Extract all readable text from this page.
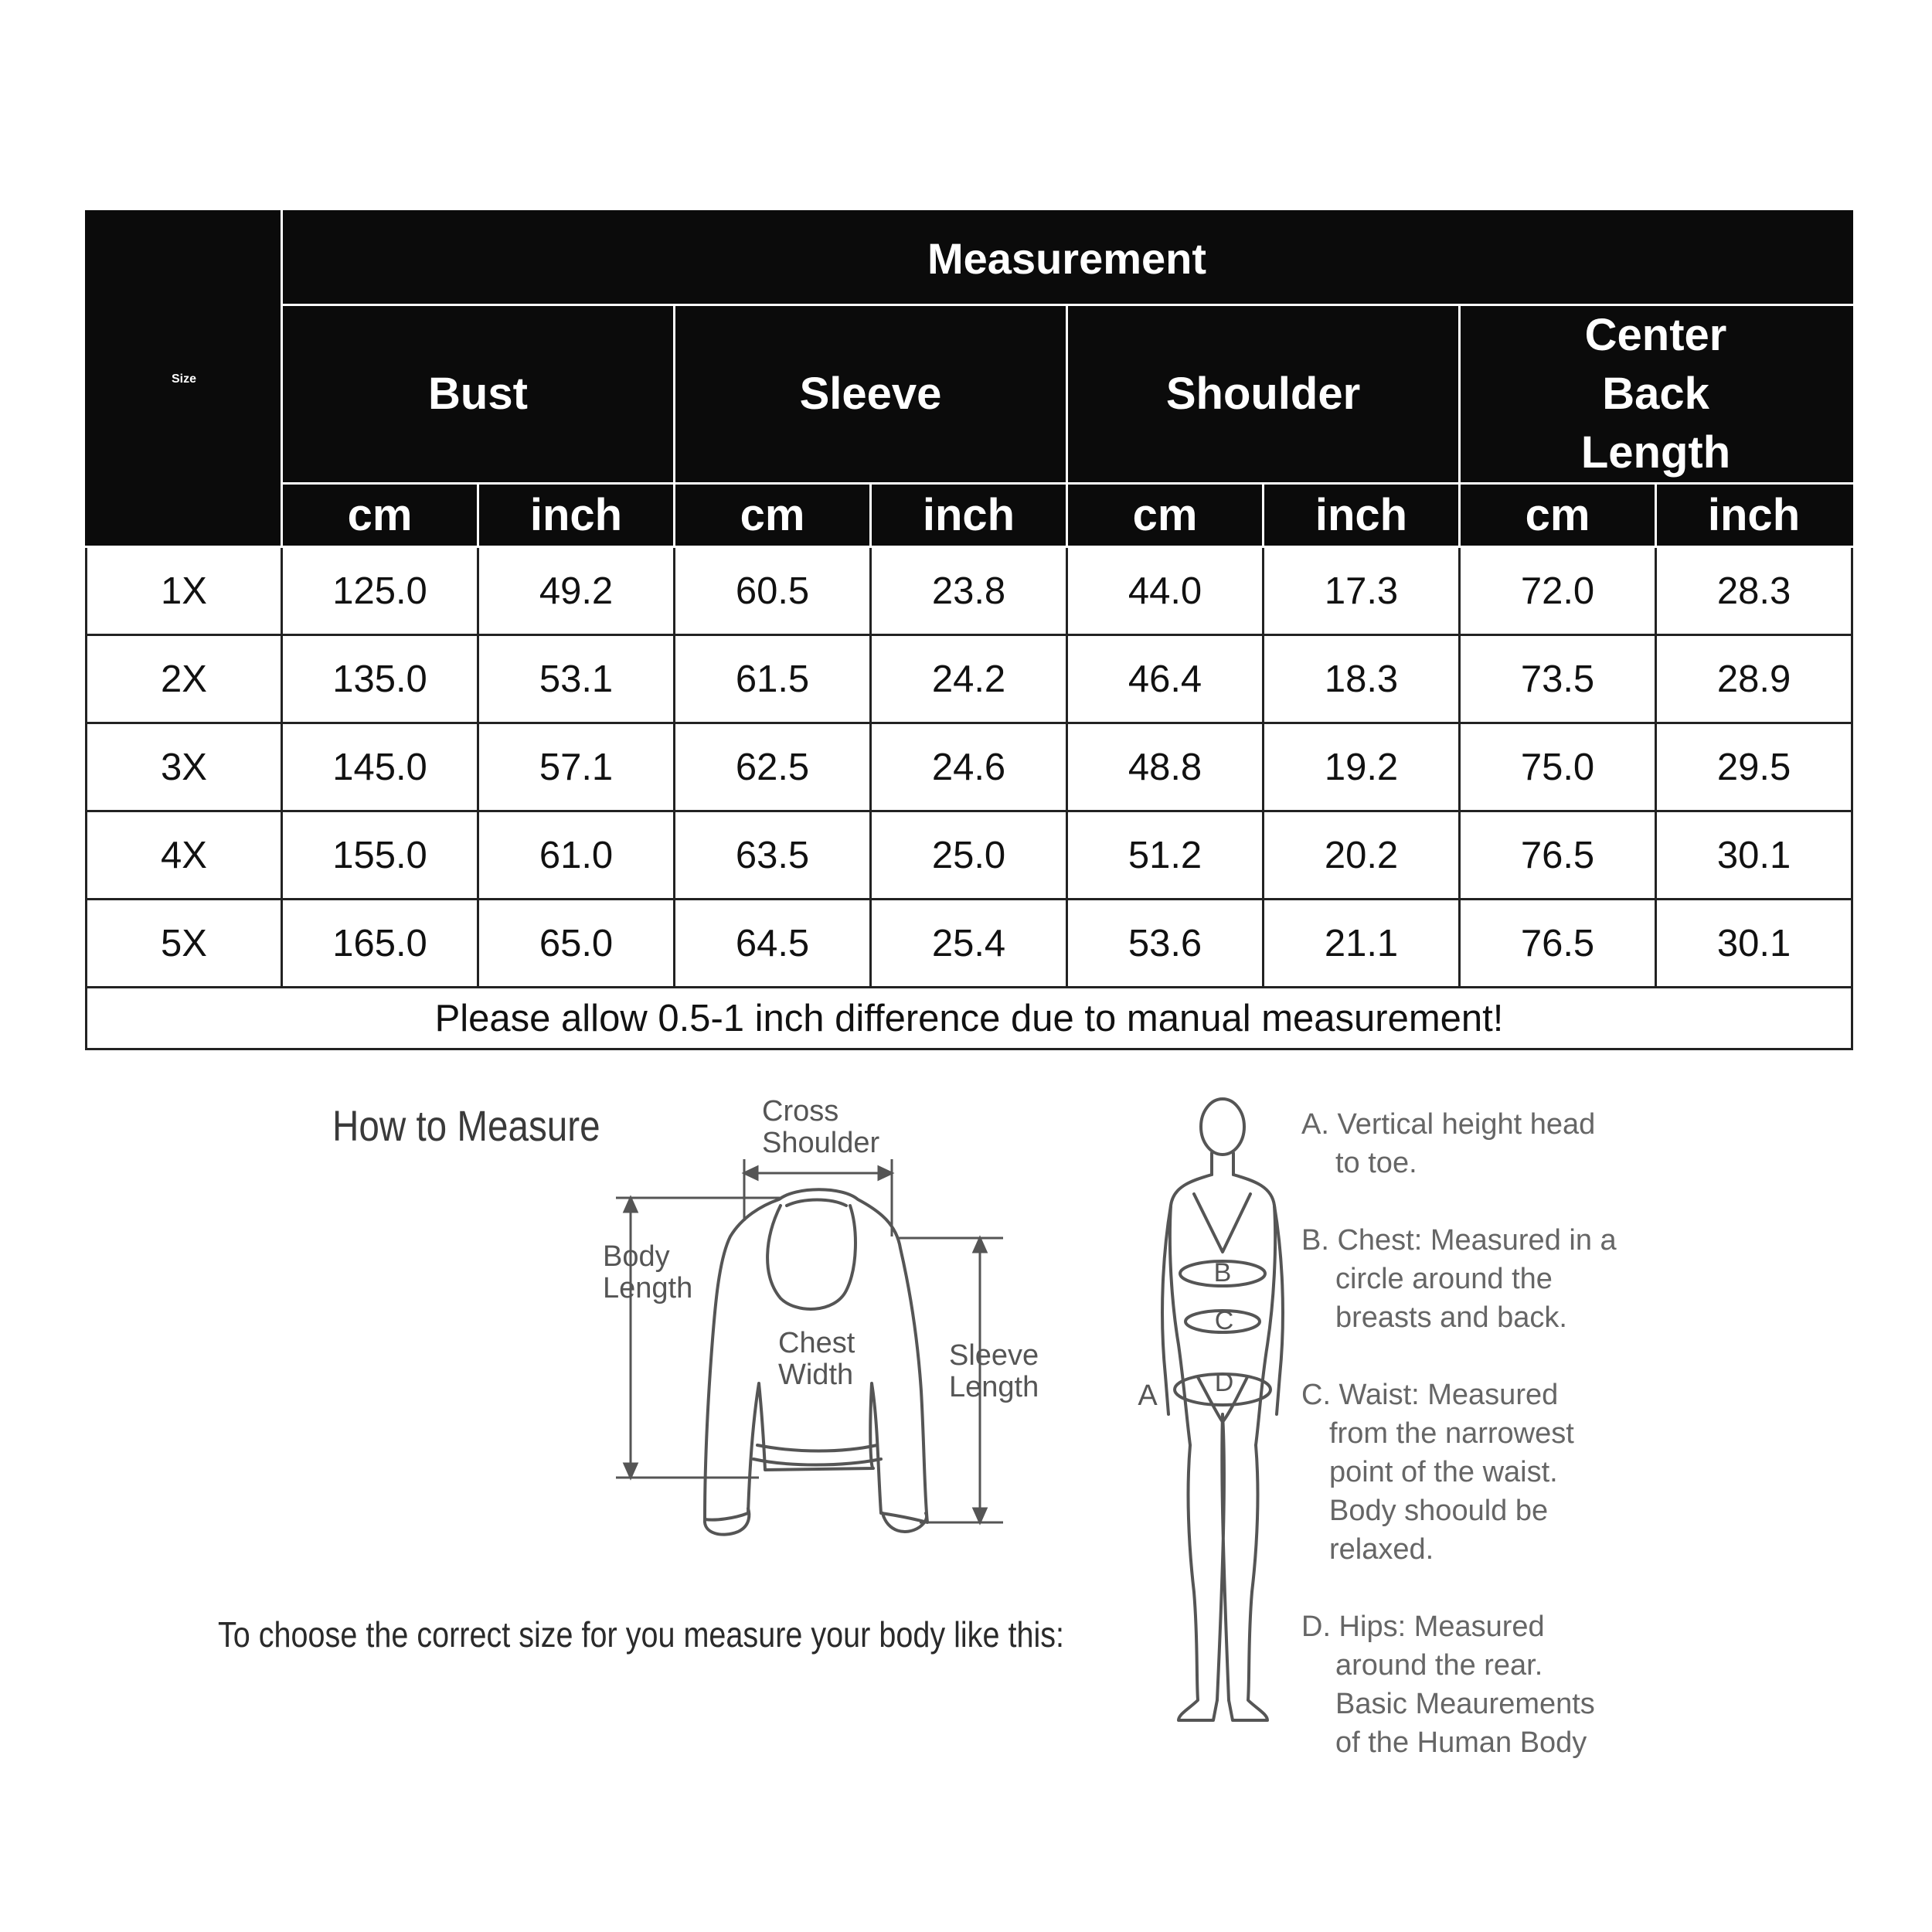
Size	Measurement							
	Bust		Sleeve		Shoulder		Center Back Length	
	cm	inch	cm	inch	cm	inch	cm	inch
1X	125.0	49.2	60.5	23.8	44.0	17.3	72.0	28.3
2X	135.0	53.1	61.5	24.2	46.4	18.3	73.5	28.9
3X	145.0	57.1	62.5	24.6	48.8	19.2	75.0	29.5
4X	155.0	61.0	63.5	25.0	51.2	20.2	76.5	30.1
5X	165.0	65.0	64.5	25.4	53.6	21.1	76.5	30.1
Please allow 0.5-1 inch difference due to manual measurement!								
How to Measure	Cross
Shoulder
Body
Length
Chest
Width
Sleeve
Length
To choose the correct size for you measure your body like this:
B
C
D
A
A. Vertical height head
to toe.
B. Chest: Measured in a
circle around the
breasts and back.
C. Waist: Measured
from the narrowest
point of the waist.
Body shoould be
relaxed.
D. Hips: Measured
around the rear.
Basic Meaurements
of the Human Body
